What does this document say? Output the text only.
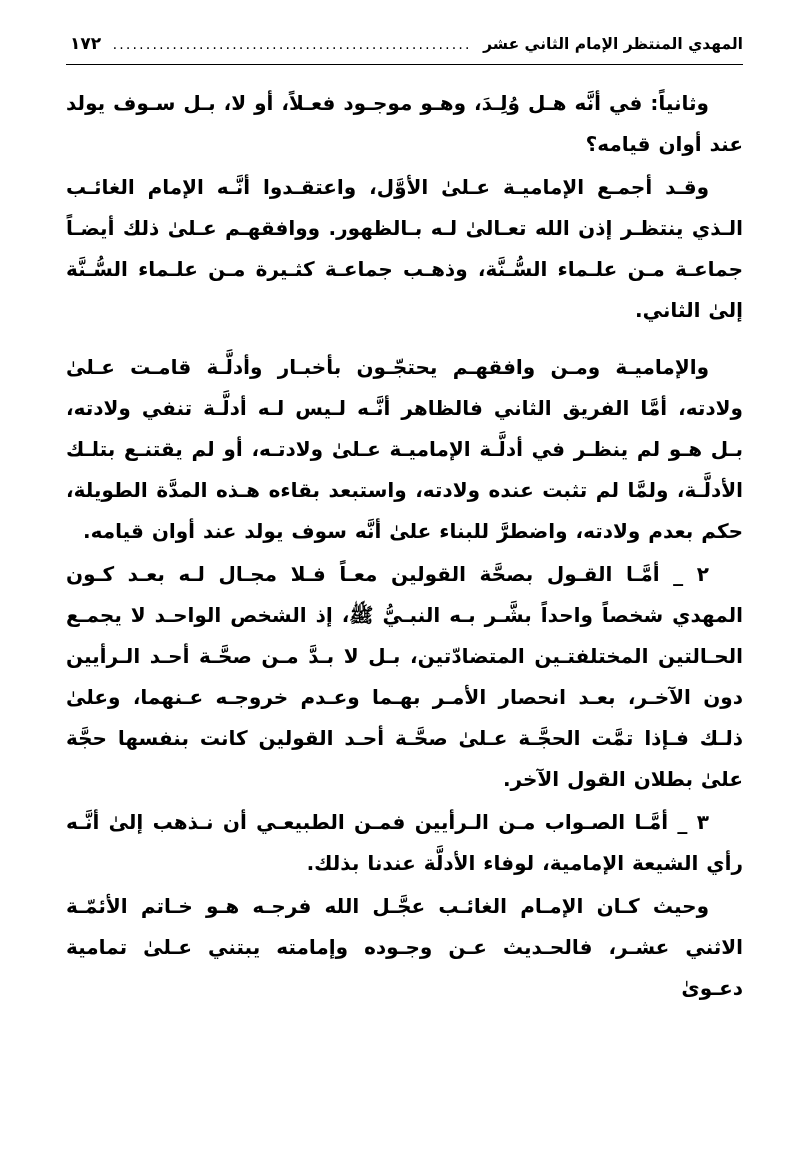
المهدي المنتظر الإمام الثاني عشر
......................................................
١٧٢

وثانياً: في أنَّه هـل وُلِـدَ، وهـو موجـود فعـلاً، أو لا، بـل سـوف يولد عند أوان قيامه؟

وقـد أجمـع الإماميـة عـلىٰ الأوَّل، واعتقـدوا أنَّـه الإمام الغائـب الـذي ينتظـر إذن الله تعـالىٰ لـه بـالظهور. ووافقهـم عـلىٰ ذلك أيضـاً جماعـة مـن علـماء السُّـنَّة، وذهـب جماعـة كثـيرة مـن علـماء السُّـنَّة إلىٰ الثاني.

والإماميـة ومـن وافقهـم يحتجّـون بأخبـار وأدلَّـة قامـت عـلىٰ ولادته، أمَّا الفريق الثاني فالظاهر أنَّـه لـيس لـه أدلَّـة تنفي ولادته، بـل هـو لم ينظـر في أدلَّـة الإماميـة عـلىٰ ولادتـه، أو لم يقتنـع بتلـك الأدلَّـة، ولمَّا لم تثبت عنده ولادته، واستبعد بقاءه هـذه المدَّة الطويلة، حكم بعدم ولادته، واضطرَّ للبناء علىٰ أنَّه سوف يولد عند أوان قيامه.

٢ _ أمَّـا القـول بصحَّة القولين معـاً فـلا مجـال لـه بعـد كـون المهدي شخصاً واحداً بشَّـر بـه النبـيُّ ﷺ، إذ الشخص الواحـد لا يجمـع الحـالتين المختلفتـين المتضادّتين، بـل لا بـدَّ مـن صحَّـة أحـد الـرأيين دون الآخـر، بعـد انحصار الأمـر بهـما وعـدم خروجـه عـنهما، وعلىٰ ذلـك فـإذا تمَّت الحجَّـة عـلىٰ صحَّـة أحـد القولين كانت بنفسها حجَّة علىٰ بطلان القول الآخر.

٣ _ أمَّـا الصـواب مـن الـرأيين فمـن الطبيعـي أن نـذهب إلىٰ أنَّـه رأي الشيعة الإمامية، لوفاء الأدلَّة عندنا بذلك.

وحيث كـان الإمـام الغائـب عجَّـل الله فرجـه هـو خـاتم الأئمّـة الاثني عشـر، فالحـديث عـن وجـوده وإمامته يبتني عـلىٰ تمامية دعـوىٰ
